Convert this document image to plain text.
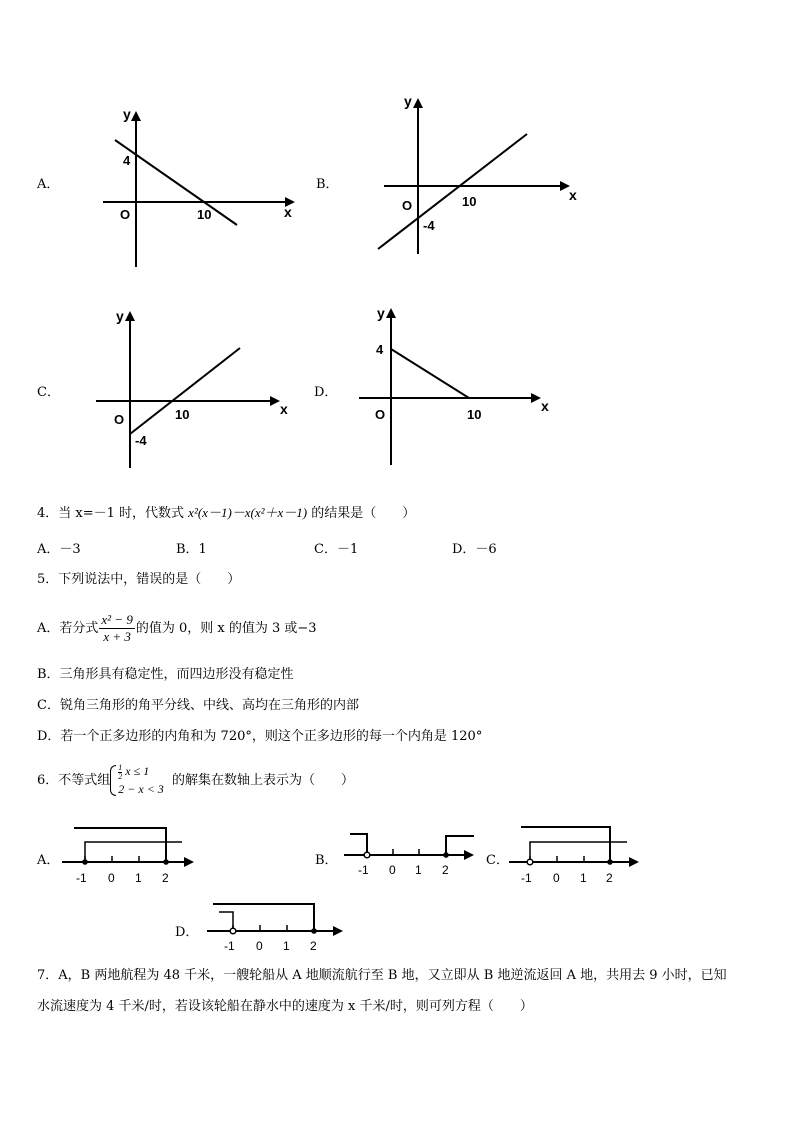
A．
y
x
4
10
O
B．
y
x
10
O
-4
C．
y
x
10
O
-4
D．
y
x
4
10
O
4．当 x=－1 时，代数式 x²(x－1)－x(x²＋x－1) 的结果是（　　）
A．－3	B．1	C．－1	D．－6
5．下列说法中，错误的是（　　）
A．若分式 $\frac{\text{x² − 9}}{x + 3}$ 的值为 0，则 x 的值为 3 或−3
B．三角形具有稳定性，而四边形没有稳定性
C．锐角三角形的角平分线、中线、高均在三角形的内部
D．若一个正多边形的内角和为 720°，则这个正多边形的每一个内角是 120°
6．不等式组 $\frac{1}{2}$ x ≤ 1
2 − x < 3
的解集在数轴上表示为（　　）
A．
-1 0 1 2
B．
-1 0 1 2
C．
-1 0 1 2
D．
-1 0 1 2
7．A，B 两地航程为 48 千米，一艘轮船从 A 地顺流航行至 B 地，又立即从 B 地逆流返回 A 地，共用去 9 小时，已知
水流速度为 4 千米/时，若设该轮船在静水中的速度为 x 千米/时，则可列方程（　　）
